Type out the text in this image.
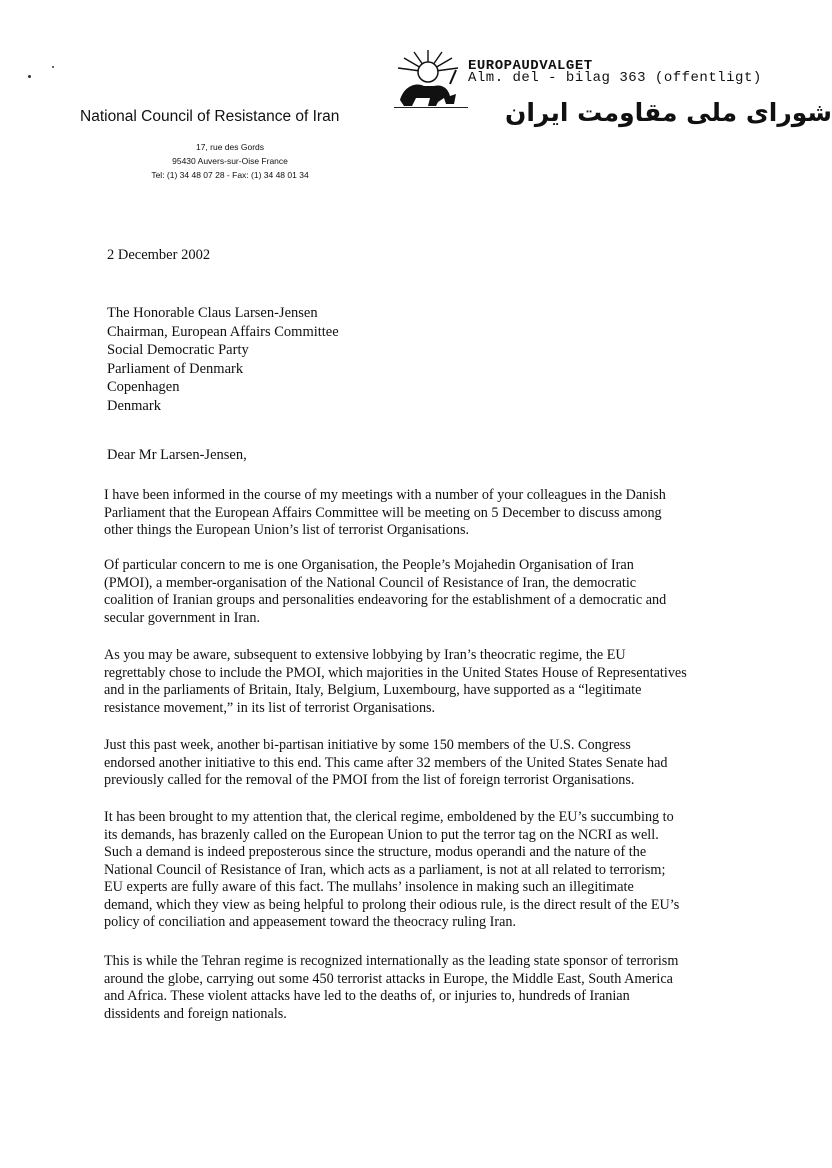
EUROPAUDVALGET
Alm. del - bilag 363 (offentligt)
National Council of Resistance of Iran	شورای ملی مقاومت ایران
17, rue des Gords
95430 Auvers-sur-Oise France
Tel: (1) 34 48 07 28 - Fax: (1) 34 48 01 34
2 December 2002
The Honorable Claus Larsen-Jensen
Chairman, European Affairs Committee
Social Democratic Party
Parliament of Denmark
Copenhagen
Denmark
Dear Mr Larsen-Jensen,
I have been informed in the course of my meetings with a number of your colleagues in the Danish
Parliament that the European Affairs Committee will be meeting on 5 December to discuss among
other things the European Union’s list of terrorist Organisations.
Of particular concern to me is one Organisation, the People’s Mojahedin Organisation of Iran
(PMOI), a member-organisation of the National Council of Resistance of Iran, the democratic
coalition of Iranian groups and personalities endeavoring for the establishment of a democratic and
secular government in Iran.
As you may be aware, subsequent to extensive lobbying by Iran’s theocratic regime, the EU
regrettably chose to include the PMOI, which majorities in the United States House of Representatives
and in the parliaments of Britain, Italy, Belgium, Luxembourg, have supported as a “legitimate
resistance movement,” in its list of terrorist Organisations.
Just this past week, another bi-partisan initiative by some 150 members of the U.S. Congress
endorsed another initiative to this end. This came after 32 members of the United States Senate had
previously called for the removal of the PMOI from the list of foreign terrorist Organisations.
It has been brought to my attention that, the clerical regime, emboldened by the EU’s succumbing to
its demands, has brazenly called on the European Union to put the terror tag on the NCRI as well.
Such a demand is indeed preposterous since the structure, modus operandi and the nature of the
National Council of Resistance of Iran, which acts as a parliament, is not at all related to terrorism;
EU experts are fully aware of this fact. The mullahs’ insolence in making such an illegitimate
demand, which they view as being helpful to prolong their odious rule, is the direct result of the EU’s
policy of conciliation and appeasement toward the theocracy ruling Iran.
This is while the Tehran regime is recognized internationally as the leading state sponsor of terrorism
around the globe, carrying out some 450 terrorist attacks in Europe, the Middle East, South America
and Africa. These violent attacks have led to the deaths of, or injuries to, hundreds of Iranian
dissidents and foreign nationals.
